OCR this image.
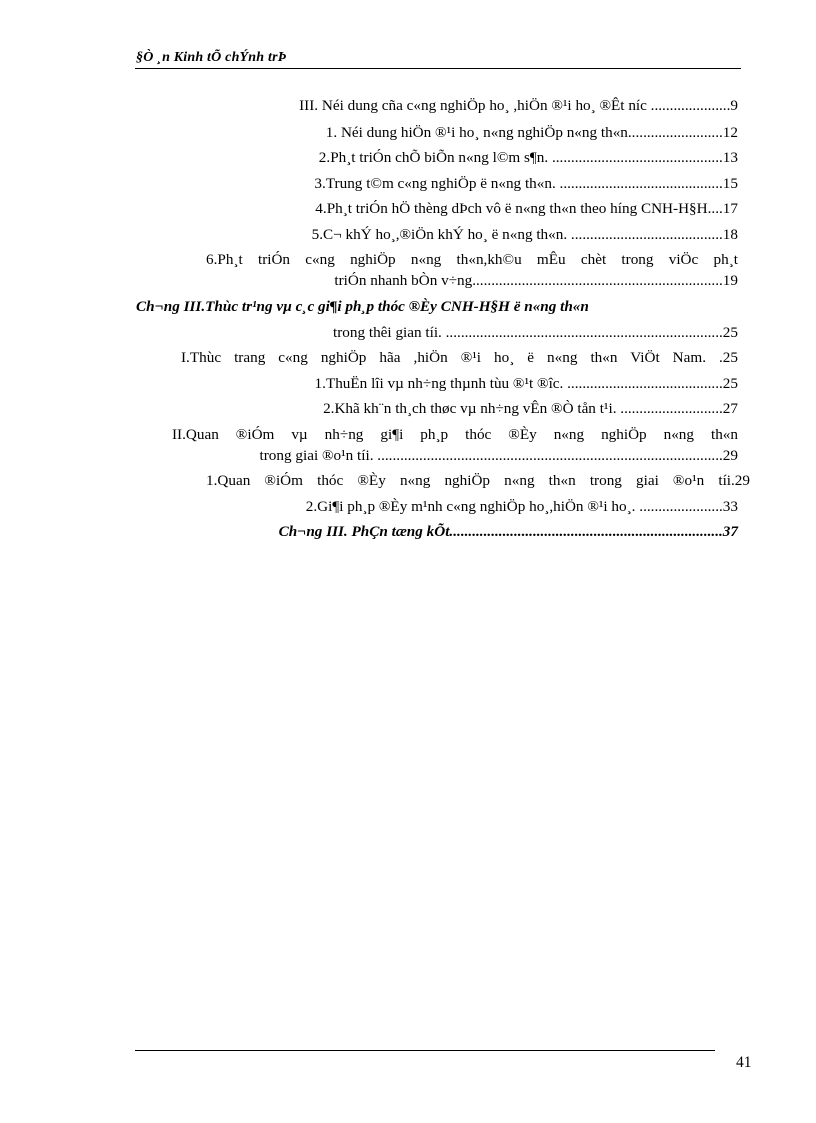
§Ò ¸n Kinh tÕ chÝnh trÞ
III. Néi dung cña c«ng nghiÖp ho¸ ,hiÖn ®¹i ho¸ ®Êt níc .....................9
1. Néi dung hiÖn ®¹i ho¸ n«ng nghiÖp n«ng th«n.........................12
2.Ph¸t triÓn chÕ biÕn n«ng l©m s¶n. .............................................13
3.Trung t©m c«ng nghiÖp ë n«ng th«n. ...........................................15
4.Ph¸t triÓn hÖ thèng dÞch vô ë n«ng th«n theo híng CNH-H§H....17
5.C¬ khÝ ho¸,®iÖn khÝ ho¸ ë n«ng th«n. ........................................18
6.Ph¸t triÓn c«ng nghiÖp n«ng th«n,kh©u mÊu chèt trong viÖc ph¸t
triÓn nhanh bÒn v÷ng..................................................................19
Ch¬ng III.Thùc tr¹ng vµ c¸c gi¶i ph¸p thóc ®Èy CNH-H§H ë n«ng th«n
trong thêi gian tíi. .........................................................................25
I.Thùc trang c«ng nghiÖp hãa ,hiÖn ®¹i ho¸ ë n«ng th«n ViÖt Nam. .25
1.ThuËn lîi vµ nh÷ng thµnh tùu ®¹t ®îc. .........................................25
2.Khã kh¨n th¸ch thøc vµ nh÷ng vÊn ®Ò tån t¹i. ...........................27
II.Quan ®iÓm vµ nh÷ng gi¶i ph¸p thóc ®Èy n«ng nghiÖp n«ng th«n
trong giai ®o¹n tíi. ...........................................................................................29
1.Quan ®iÓm thóc ®Èy n«ng nghiÖp n«ng th«n trong giai ®o¹n tíi.29
2.Gi¶i ph¸p ®Èy m¹nh c«ng nghiÖp ho¸,hiÖn ®¹i ho¸. ......................33
Ch¬ng III. PhÇn tæng kÕt........................................................................37
41
